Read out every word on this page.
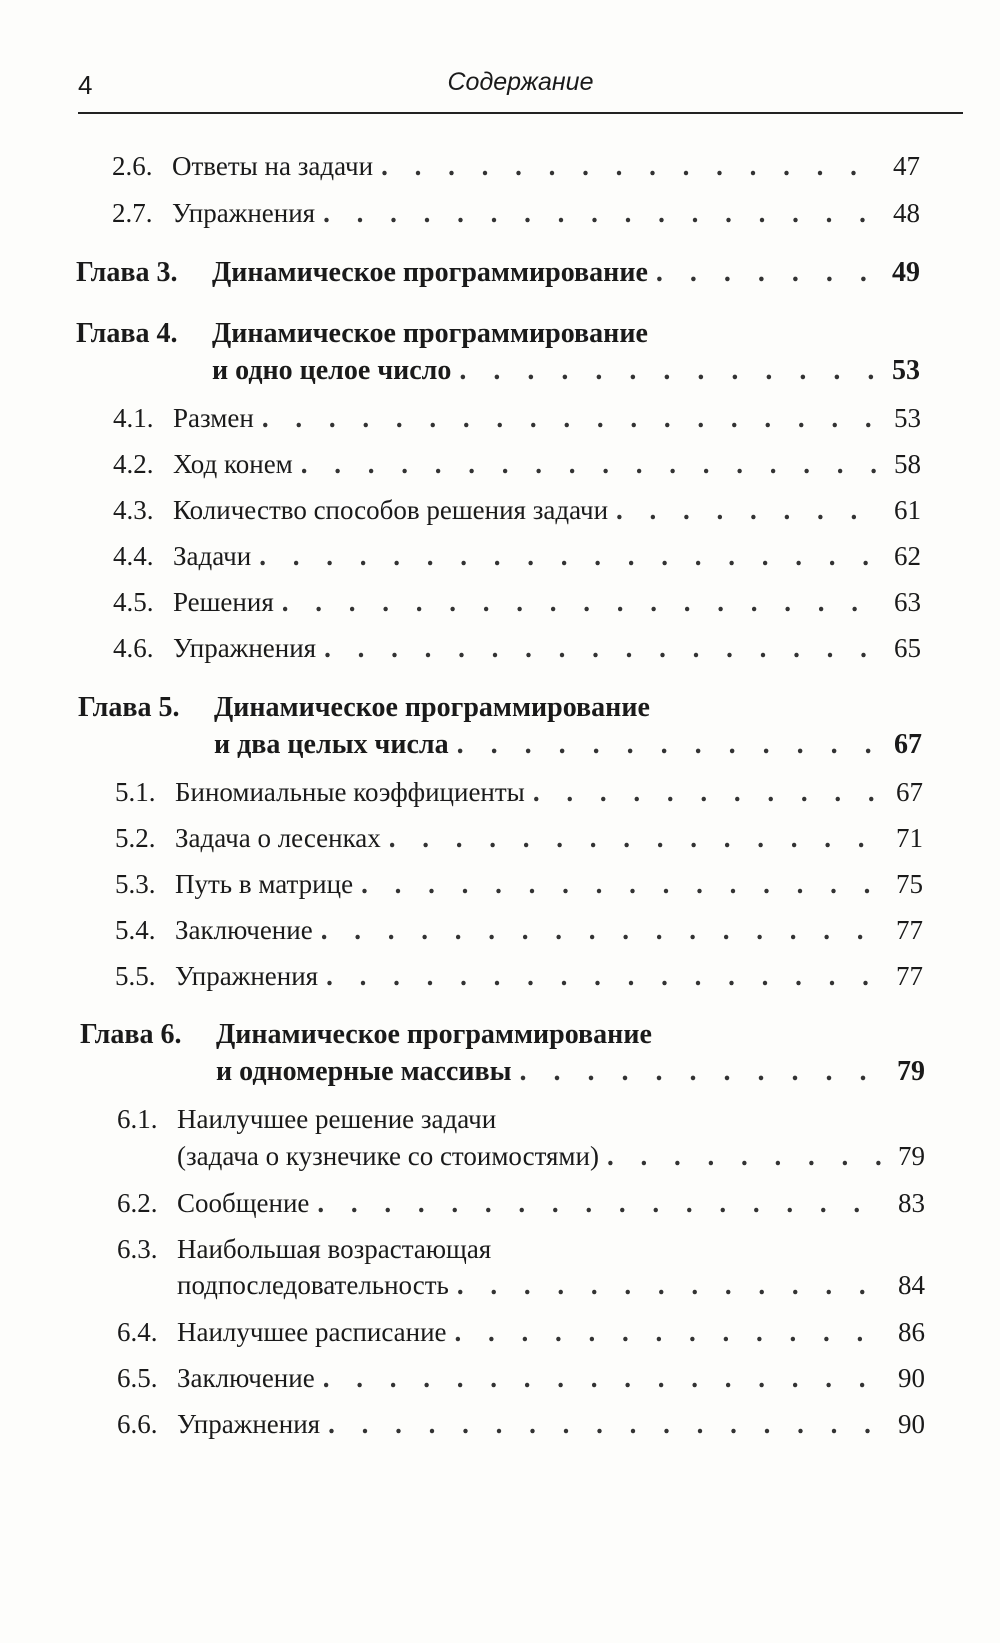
4	Содержание
2.6. Ответы на задачи . . .	47
2.7. Упражнения . . .	48
Глава 3.	Динамическое программирование . . .	49
Глава 4.	Динамическое программирование
и одно целое число . . .	53
4.1. Размен . . .	53
4.2. Ход конем . . .	58
4.3. Количество способов решения задачи . . .	61
4.4. Задачи . . .	62
4.5. Решения . . .	63
4.6. Упражнения . . .	65
Глава 5.	Динамическое программирование
и два целых числа . . .	67
5.1. Биномиальные коэффициенты . . .	67
5.2. Задача о лесенках . . .	71
5.3. Путь в матрице . . .	75
5.4. Заключение . . .	77
5.5. Упражнения . . .	77
Глава 6.	Динамическое программирование
и одномерные массивы . . .	79
6.1. Наилучшее решение задачи
(задача о кузнечике со стоимостями) . . .	79
6.2. Сообщение . . .	83
6.3. Наибольшая возрастающая
подпоследовательность . . .	84
6.4. Наилучшее расписание . . .	86
6.5. Заключение . . .	90
6.6. Упражнения . . .	90
